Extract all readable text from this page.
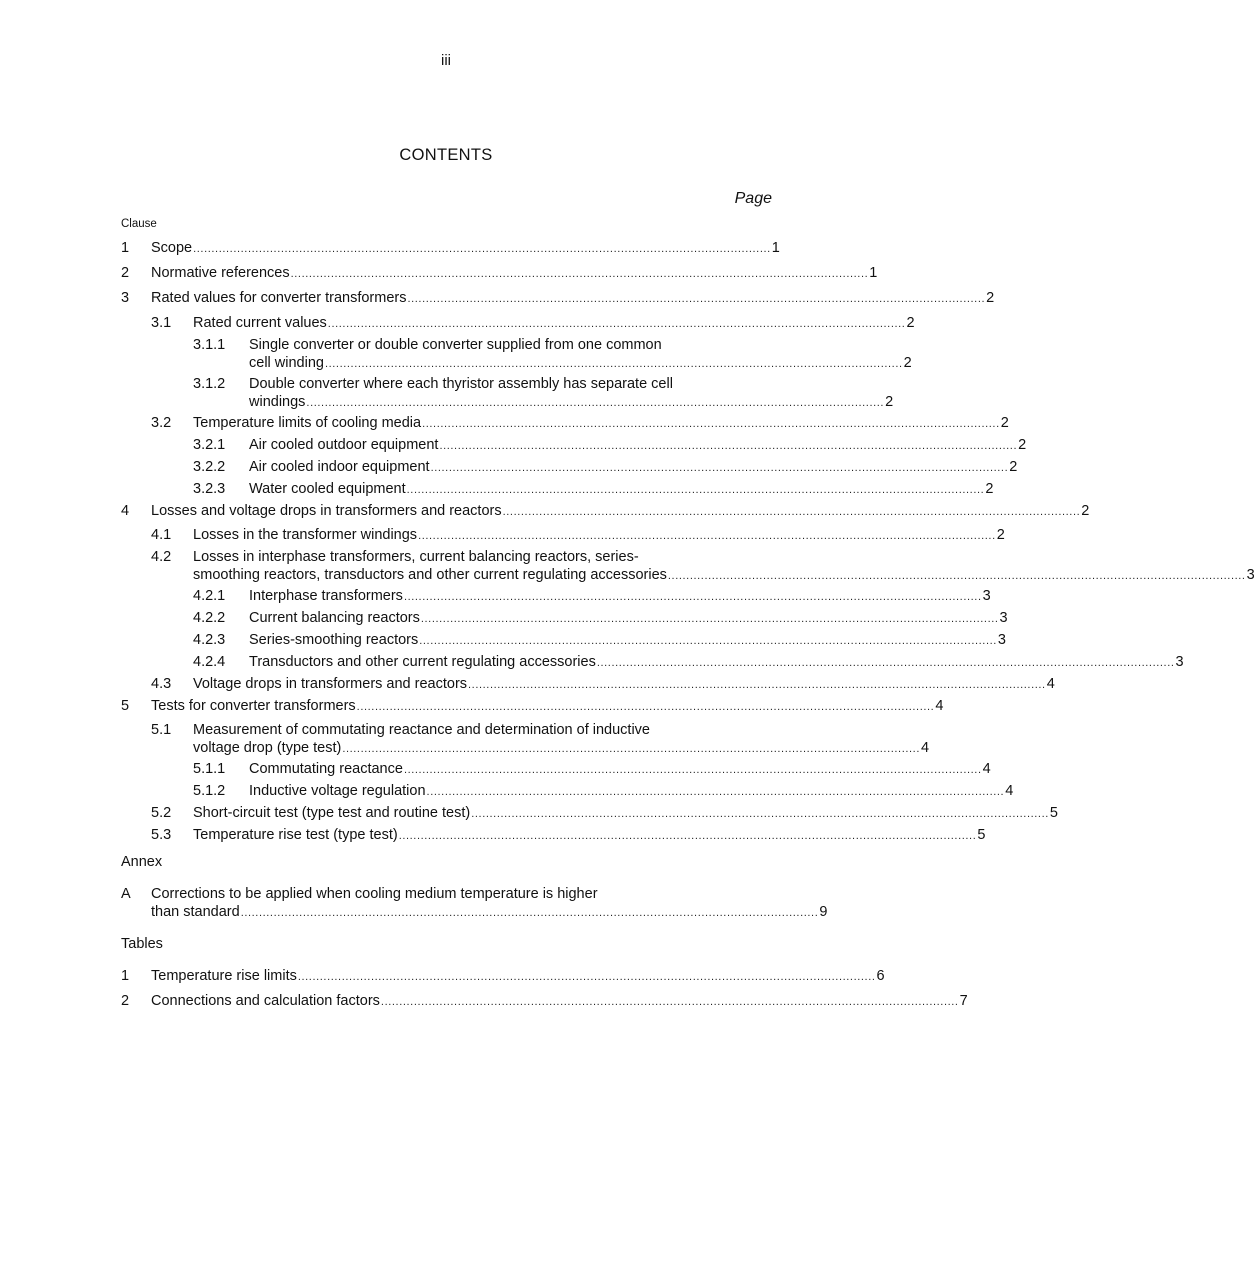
iii
CONTENTS
Page
Clause
1	Scope .............................................................................................................................................................. 1
2	Normative references .............................................................................................................................................................. 1
3	Rated values for converter transformers .............................................................................................................................................................. 2
3.1	Rated current values .............................................................................................................................................................. 2
3.1.1	Single converter or double converter supplied from one common
cell winding .............................................................................................................................................................. 2
3.1.2	Double converter where each thyristor assembly has separate cell
windings .............................................................................................................................................................. 2
3.2	Temperature limits of cooling media .............................................................................................................................................................. 2
3.2.1	Air cooled outdoor equipment .............................................................................................................................................................. 2
3.2.2	Air cooled indoor equipment .............................................................................................................................................................. 2
3.2.3	Water cooled equipment .............................................................................................................................................................. 2
4	Losses and voltage drops in transformers and reactors .............................................................................................................................................................. 2
4.1	Losses in the transformer windings .............................................................................................................................................................. 2
4.2	Losses in interphase transformers, current balancing reactors, series-
smoothing reactors, transductors and other current regulating accessories .............................................................................................................................................................. 3
4.2.1	Interphase transformers .............................................................................................................................................................. 3
4.2.2	Current balancing reactors .............................................................................................................................................................. 3
4.2.3	Series-smoothing reactors .............................................................................................................................................................. 3
4.2.4	Transductors and other current regulating accessories .............................................................................................................................................................. 3
4.3	Voltage drops in transformers and reactors .............................................................................................................................................................. 4
5	Tests for converter transformers .............................................................................................................................................................. 4
5.1	Measurement of commutating reactance and determination of inductive
voltage drop (type test) .............................................................................................................................................................. 4
5.1.1	Commutating reactance .............................................................................................................................................................. 4
5.1.2	Inductive voltage regulation .............................................................................................................................................................. 4
5.2	Short-circuit test (type test and routine test) .............................................................................................................................................................. 5
5.3	Temperature rise test (type test) .............................................................................................................................................................. 5
Annex
A	Corrections to be applied when cooling medium temperature is higher
than standard .............................................................................................................................................................. 9
Tables
1	Temperature rise limits .............................................................................................................................................................. 6
2	Connections and calculation factors .............................................................................................................................................................. 7
